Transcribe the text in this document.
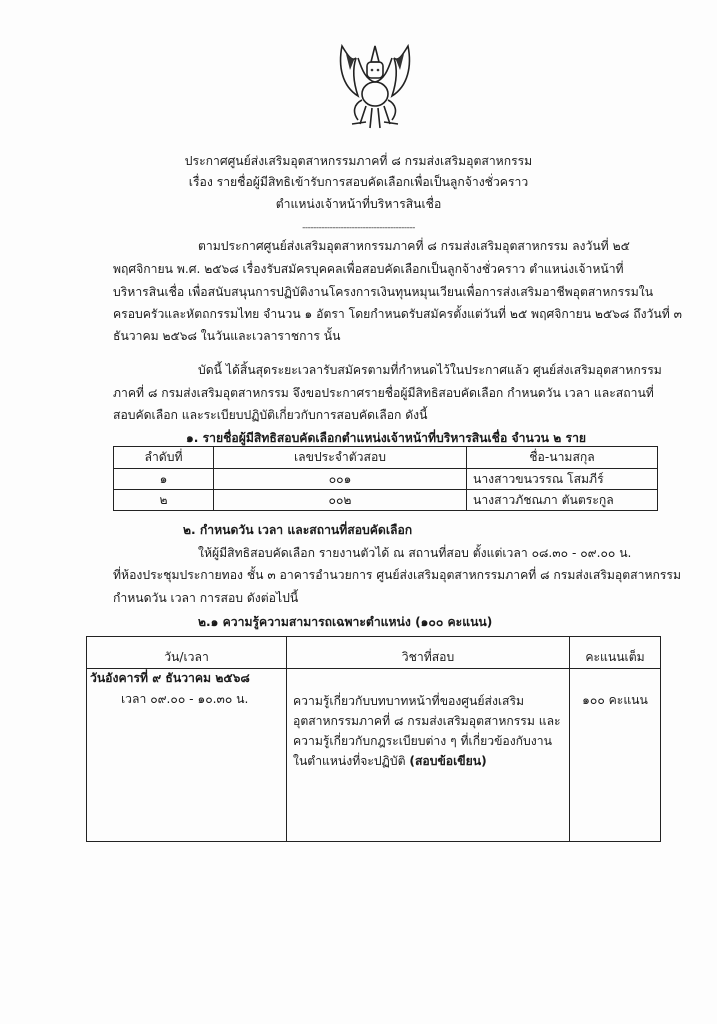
ประกาศศูนย์ส่งเสริมอุตสาหกรรมภาคที่ ๘ กรมส่งเสริมอุตสาหกรรม
เรื่อง รายชื่อผู้มีสิทธิเข้ารับการสอบคัดเลือกเพื่อเป็นลูกจ้างชั่วคราว
ตำแหน่งเจ้าหน้าที่บริหารสินเชื่อ
-----------------------------------------
ตามประกาศศูนย์ส่งเสริมอุตสาหกรรมภาคที่ ๘ กรมส่งเสริมอุตสาหกรรม ลงวันที่ ๒๕
พฤศจิกายน พ.ศ. ๒๕๖๘ เรื่องรับสมัครบุคคลเพื่อสอบคัดเลือกเป็นลูกจ้างชั่วคราว ตำแหน่งเจ้าหน้าที่
บริหารสินเชื่อ เพื่อสนับสนุนการปฏิบัติงานโครงการเงินทุนหมุนเวียนเพื่อการส่งเสริมอาชีพอุตสาหกรรมใน
ครอบครัวและหัตถกรรมไทย จำนวน ๑ อัตรา โดยกำหนดรับสมัครตั้งแต่วันที่ ๒๕ พฤศจิกายน ๒๕๖๘ ถึงวันที่ ๓
ธันวาคม ๒๕๖๘ ในวันและเวลาราชการ นั้น
บัดนี้ ได้สิ้นสุดระยะเวลารับสมัครตามที่กำหนดไว้ในประกาศแล้ว ศูนย์ส่งเสริมอุตสาหกรรม
ภาคที่ ๘ กรมส่งเสริมอุตสาหกรรม จึงขอประกาศรายชื่อผู้มีสิทธิสอบคัดเลือก กำหนดวัน เวลา และสถานที่
สอบคัดเลือก และระเบียบปฏิบัติเกี่ยวกับการสอบคัดเลือก ดังนี้
๑. รายชื่อผู้มีสิทธิสอบคัดเลือกตำแหน่งเจ้าหน้าที่บริหารสินเชื่อ จำนวน ๒ ราย
ลำดับที่	เลขประจำตัวสอบ	ชื่อ-นามสกุล
๑	๐๐๑	นางสาวขนวรรณ โสมภีร์
๒	๐๐๒	นางสาวภัชณภา ตันตระกูล
๒. กำหนดวัน เวลา และสถานที่สอบคัดเลือก
ให้ผู้มีสิทธิสอบคัดเลือก รายงานตัวได้ ณ สถานที่สอบ ตั้งแต่เวลา ๐๘.๓๐ - ๐๙.๐๐ น.
ที่ห้องประชุมประกายทอง ชั้น ๓ อาคารอำนวยการ ศูนย์ส่งเสริมอุตสาหกรรมภาคที่ ๘ กรมส่งเสริมอุตสาหกรรม
กำหนดวัน เวลา การสอบ ดังต่อไปนี้
๒.๑ ความรู้ความสามารถเฉพาะตำแหน่ง (๑๐๐ คะแนน)
วัน/เวลา	วิชาที่สอบ	คะแนนเต็ม

วันอังคารที่ ๙ ธันวาคม ๒๕๖๘
เวลา ๐๙.๐๐ - ๑๐.๓๐ น.	ความรู้เกี่ยวกับบทบาทหน้าที่ของศูนย์ส่งเสริมอุตสาหกรรมภาคที่ ๘ กรมส่งเสริมอุตสาหกรรม และความรู้เกี่ยวกับกฎระเบียบต่าง ๆ ที่เกี่ยวข้องกับงานในตำแหน่งที่จะปฏิบัติ (สอบข้อเขียน)	๑๐๐ คะแนน
